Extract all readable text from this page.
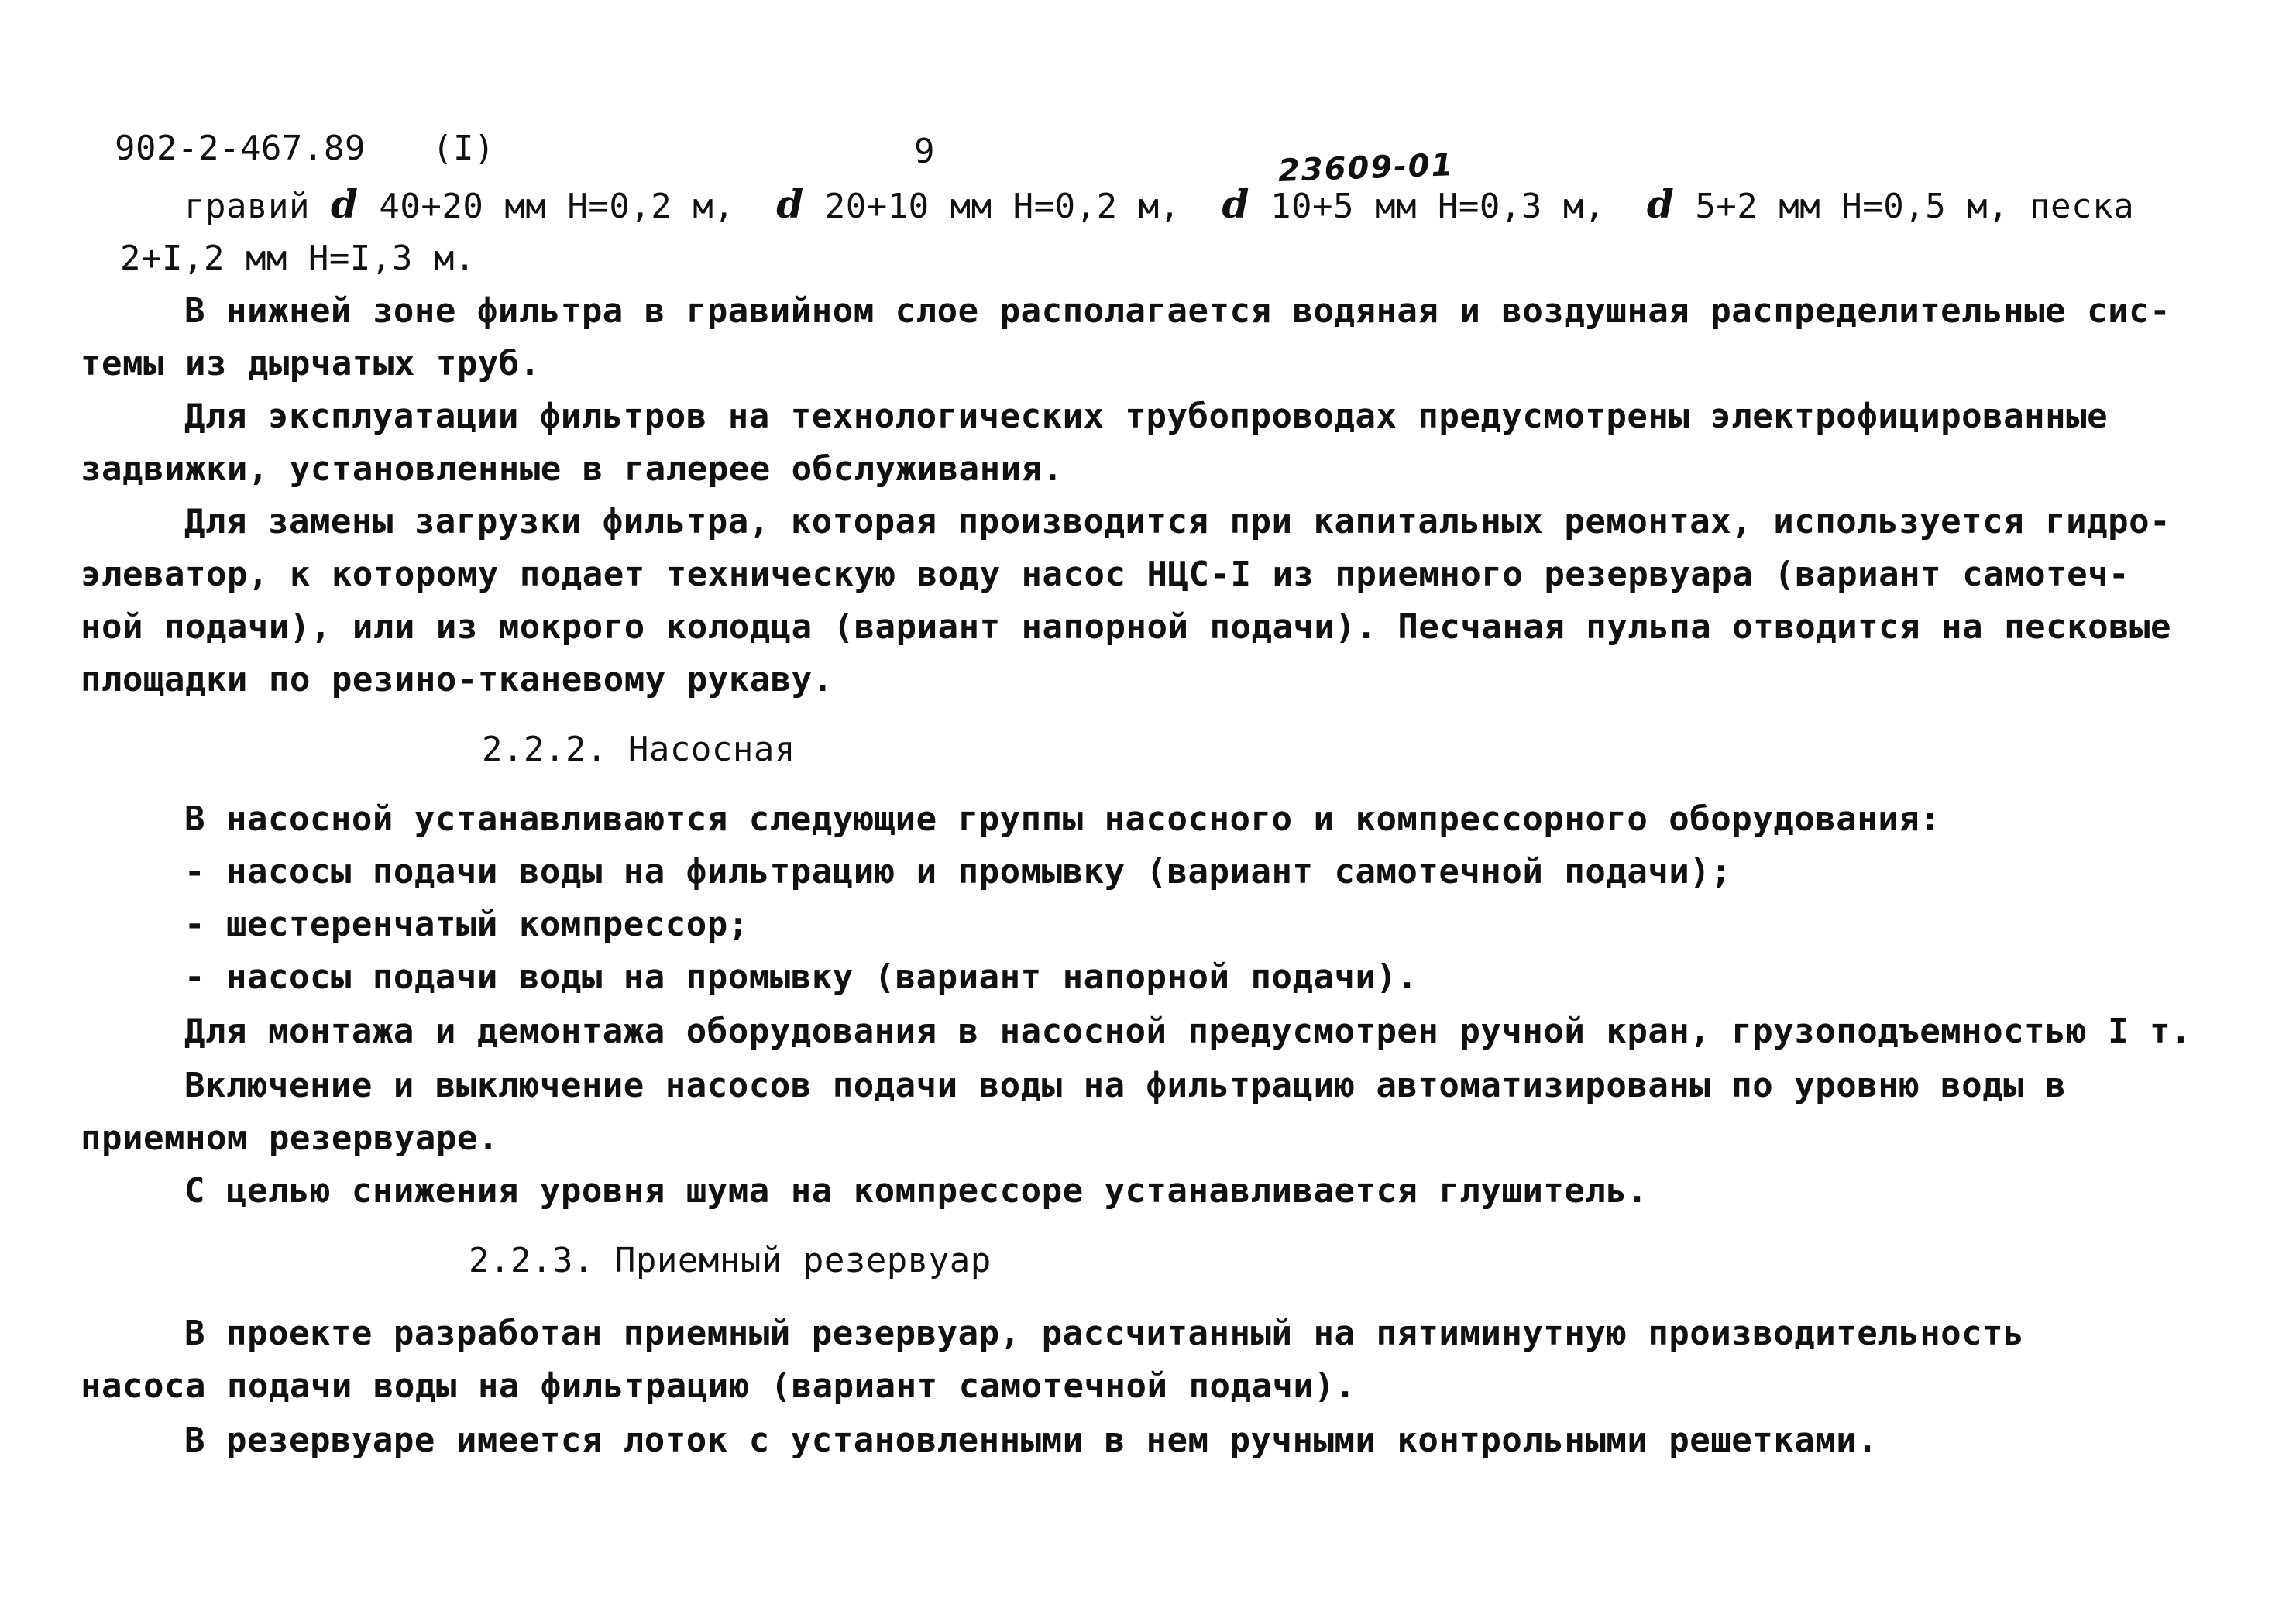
902-2-467.89 (I)	9	23609-01
гравий d 40+20 мм H=0,2 м, d 20+10 мм H=0,2 м, d 10+5 мм H=0,3 м, d 5+2 мм H=0,5 м, песка
2+I,2 мм H=I,3 м.
В нижней зоне фильтра в гравийном слое располагается водяная и воздушная распределительные сис-
темы из дырчатых труб.
Для эксплуатации фильтров на технологических трубопроводах предусмотрены электрофицированные
задвижки, установленные в галерее обслуживания.
Для замены загрузки фильтра, которая производится при капитальных ремонтах, используется гидро-
элеватор, к которому подает техническую воду насос НЦС-I из приемного резервуара (вариант самотеч-
ной подачи), или из мокрого колодца (вариант напорной подачи). Песчаная пульпа отводится на песковые
площадки по резино-тканевому рукаву.
2.2.2. Насосная
В насосной устанавливаются следующие группы насосного и компрессорного оборудования:
- насосы подачи воды на фильтрацию и промывку (вариант самотечной подачи);
- шестеренчатый компрессор;
- насосы подачи воды на промывку (вариант напорной подачи).
Для монтажа и демонтажа оборудования в насосной предусмотрен ручной кран, грузоподъемностью I т.
Включение и выключение насосов подачи воды на фильтрацию автоматизированы по уровню воды в
приемном резервуаре.
С целью снижения уровня шума на компрессоре устанавливается глушитель.
2.2.3. Приемный резервуар
В проекте разработан приемный резервуар, рассчитанный на пятиминутную производительность
насоса подачи воды на фильтрацию (вариант самотечной подачи).
В резервуаре имеется лоток с установленными в нем ручными контрольными решетками.
